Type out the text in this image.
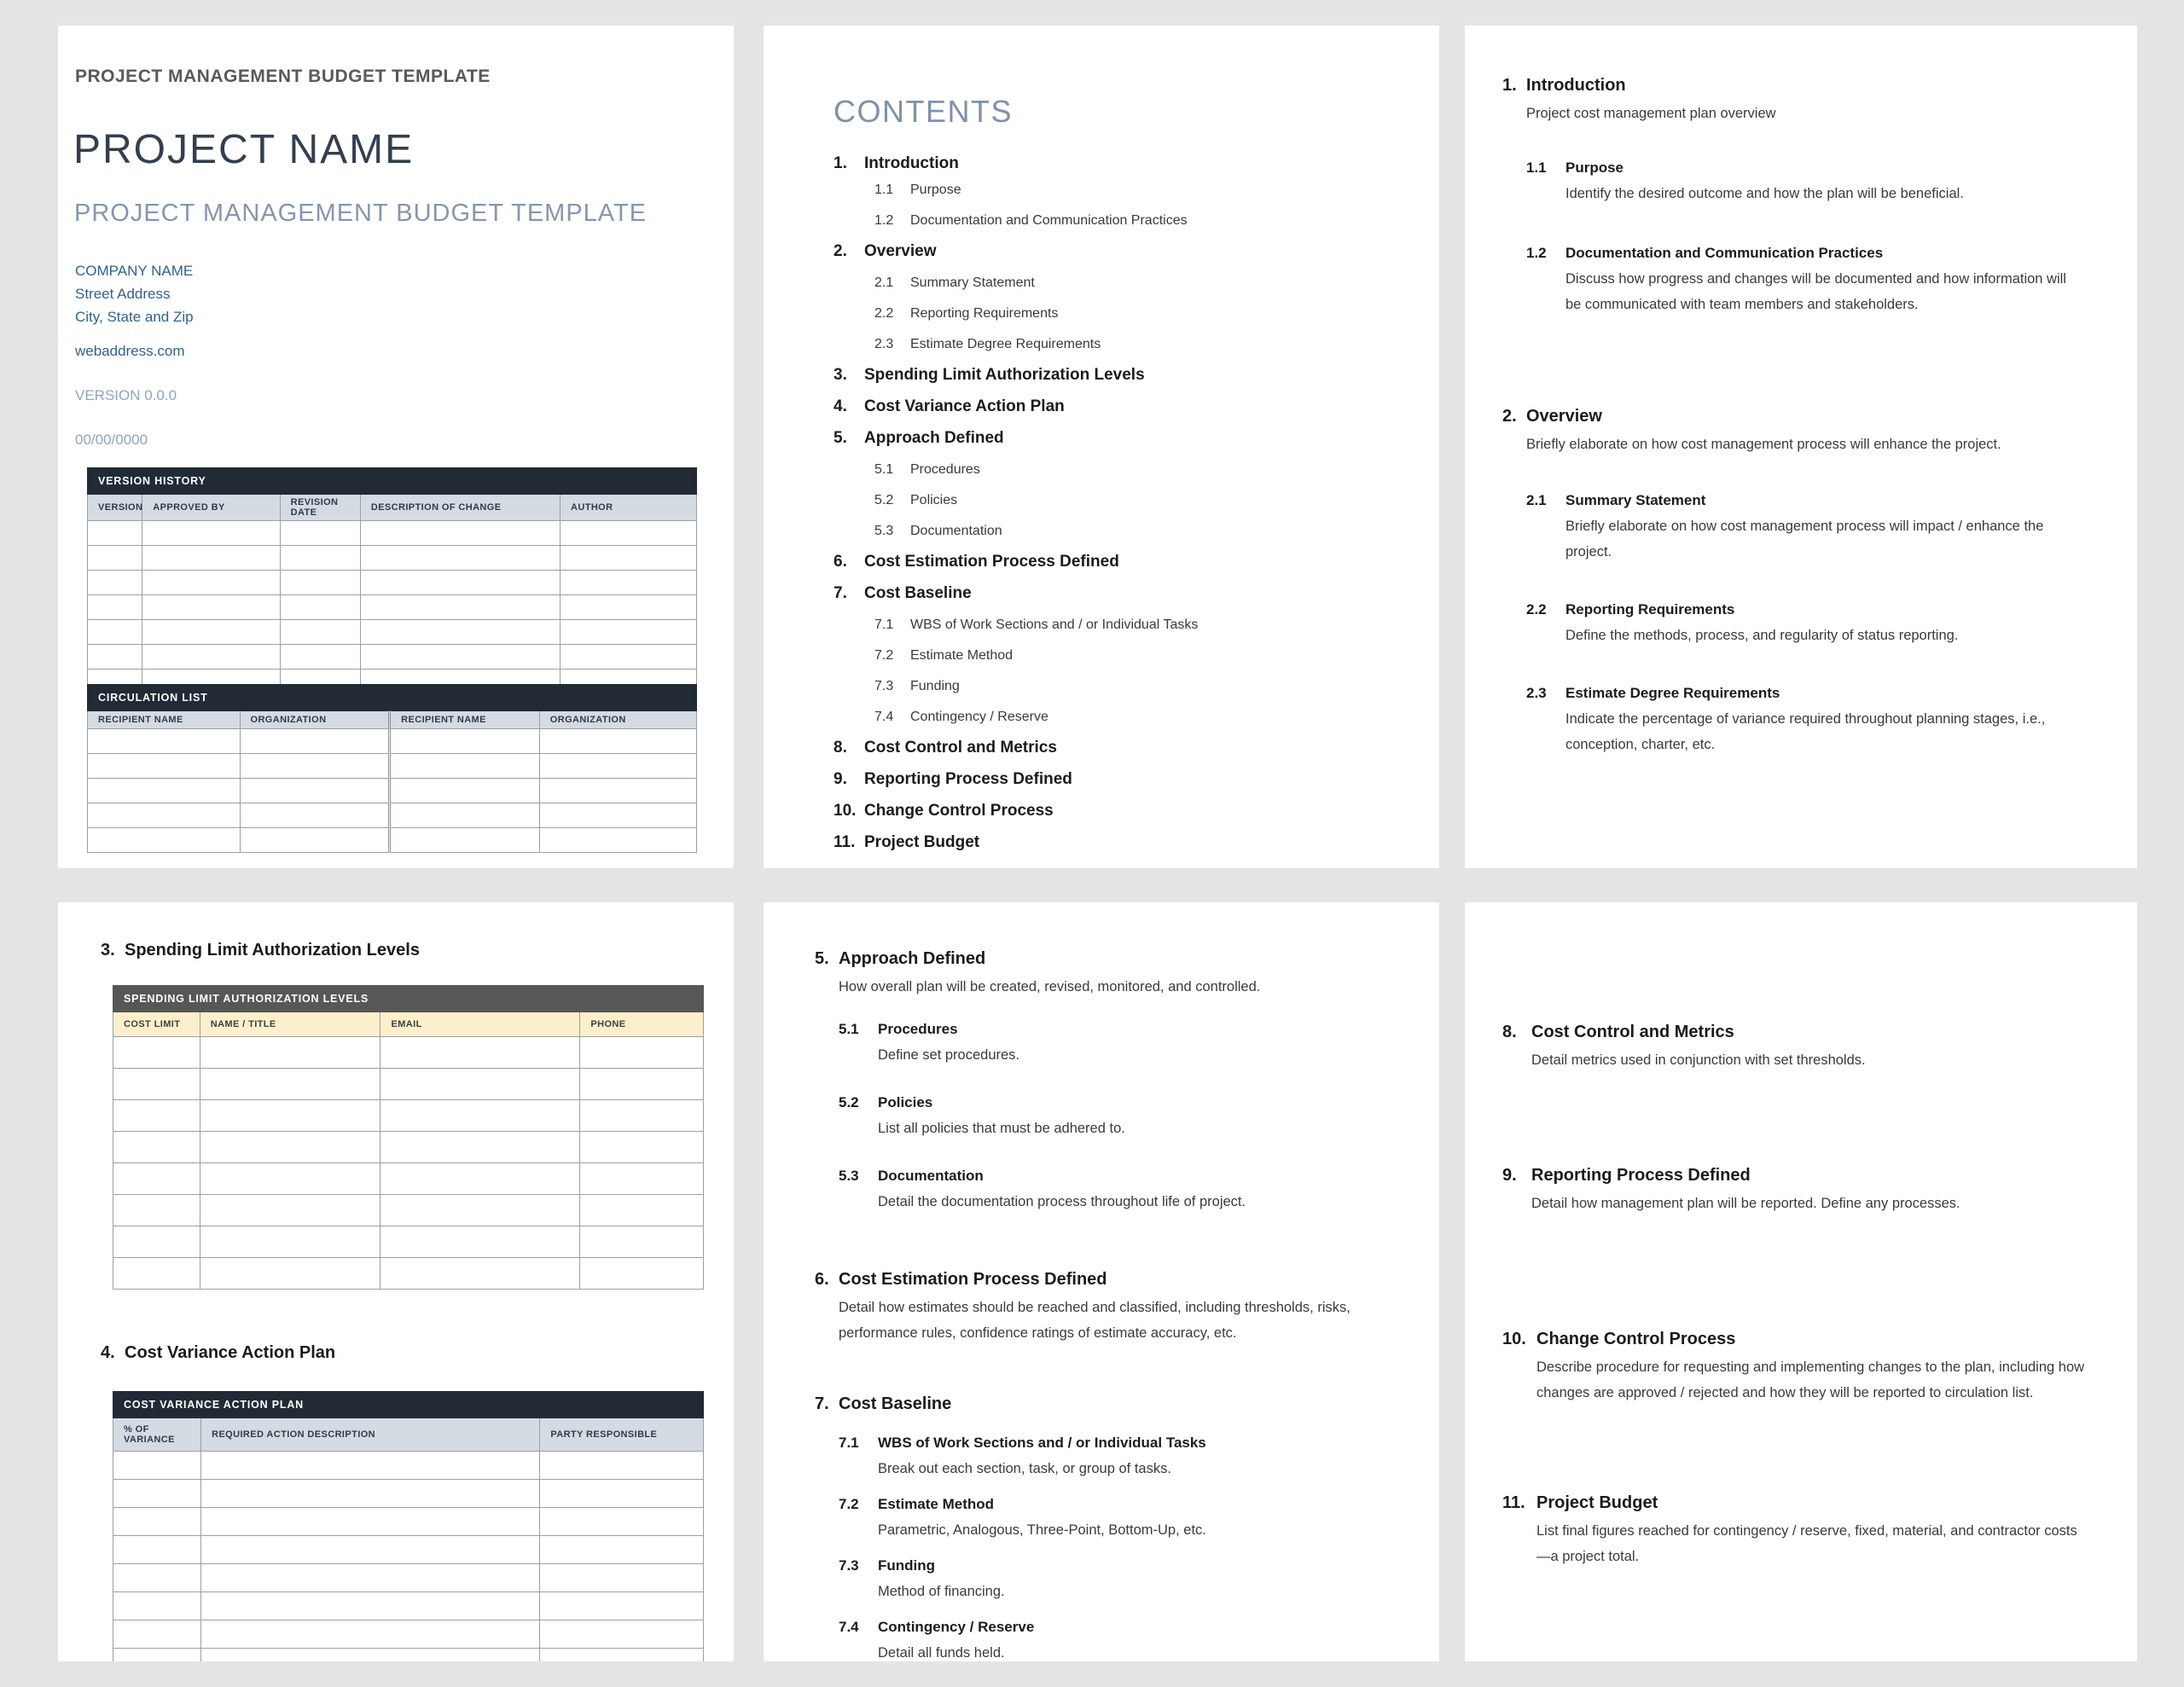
PROJECT MANAGEMENT BUDGET TEMPLATE
PROJECT NAME
PROJECT MANAGEMENT BUDGET TEMPLATE
COMPANY NAME
Street Address
City, State and Zip
webaddress.com
VERSION 0.0.0
00/00/0000
VERSION HISTORY				
VERSION	APPROVED BY	REVISION DATE	DESCRIPTION OF CHANGE	AUTHOR

CIRCULATION LIST			
RECIPIENT NAME	ORGANIZATION	RECIPIENT NAME	ORGANIZATION

CONTENTS
1.	Introduction
1.1	Purpose
1.2	Documentation and Communication Practices
2.	Overview
2.1	Summary Statement
2.2	Reporting Requirements
2.3	Estimate Degree Requirements
3.	Spending Limit Authorization Levels
4.	Cost Variance Action Plan
5.	Approach Defined
5.1	Procedures
5.2	Policies
5.3	Documentation
6.	Cost Estimation Process Defined
7.	Cost Baseline
7.1	WBS of Work Sections and / or Individual Tasks
7.2	Estimate Method
7.3	Funding
7.4	Contingency / Reserve
8.	Cost Control and Metrics
9.	Reporting Process Defined
10. Change Control Process
11. Project Budget
1. Introduction
Project cost management plan overview
1.1	Purpose
Identify the desired outcome and how the plan will be beneficial.
1.2	Documentation and Communication Practices
Discuss how progress and changes will be documented and how information will be communicated with team members and stakeholders.
2. Overview
Briefly elaborate on how cost management process will enhance the project.
2.1	Summary Statement
Briefly elaborate on how cost management process will impact / enhance the project.
2.2	Reporting Requirements
Define the methods, process, and regularity of status reporting.
2.3	Estimate Degree Requirements
Indicate the percentage of variance required throughout planning stages, i.e., conception, charter, etc.
3. Spending Limit Authorization Levels
SPENDING LIMIT AUTHORIZATION LEVELS			
COST LIMIT	NAME / TITLE	EMAIL	PHONE

4. Cost Variance Action Plan
COST VARIANCE ACTION PLAN		
% OF VARIANCE	REQUIRED ACTION DESCRIPTION	PARTY RESPONSIBLE

5. Approach Defined
How overall plan will be created, revised, monitored, and controlled.
5.1	Procedures
Define set procedures.
5.2	Policies
List all policies that must be adhered to.
5.3	Documentation
Detail the documentation process throughout life of project.
6. Cost Estimation Process Defined
Detail how estimates should be reached and classified, including thresholds, risks, performance rules, confidence ratings of estimate accuracy, etc.
7. Cost Baseline
7.1	WBS of Work Sections and / or Individual Tasks
Break out each section, task, or group of tasks.
7.2	Estimate Method
Parametric, Analogous, Three-Point, Bottom-Up, etc.
7.3	Funding
Method of financing.
7.4	Contingency / Reserve
Detail all funds held.
8. Cost Control and Metrics
Detail metrics used in conjunction with set thresholds.
9. Reporting Process Defined
Detail how management plan will be reported. Define any processes.
10. Change Control Process
Describe procedure for requesting and implementing changes to the plan, including how changes are approved / rejected and how they will be reported to circulation list.
11. Project Budget
List final figures reached for contingency / reserve, fixed, material, and contractor costs—a project total.
